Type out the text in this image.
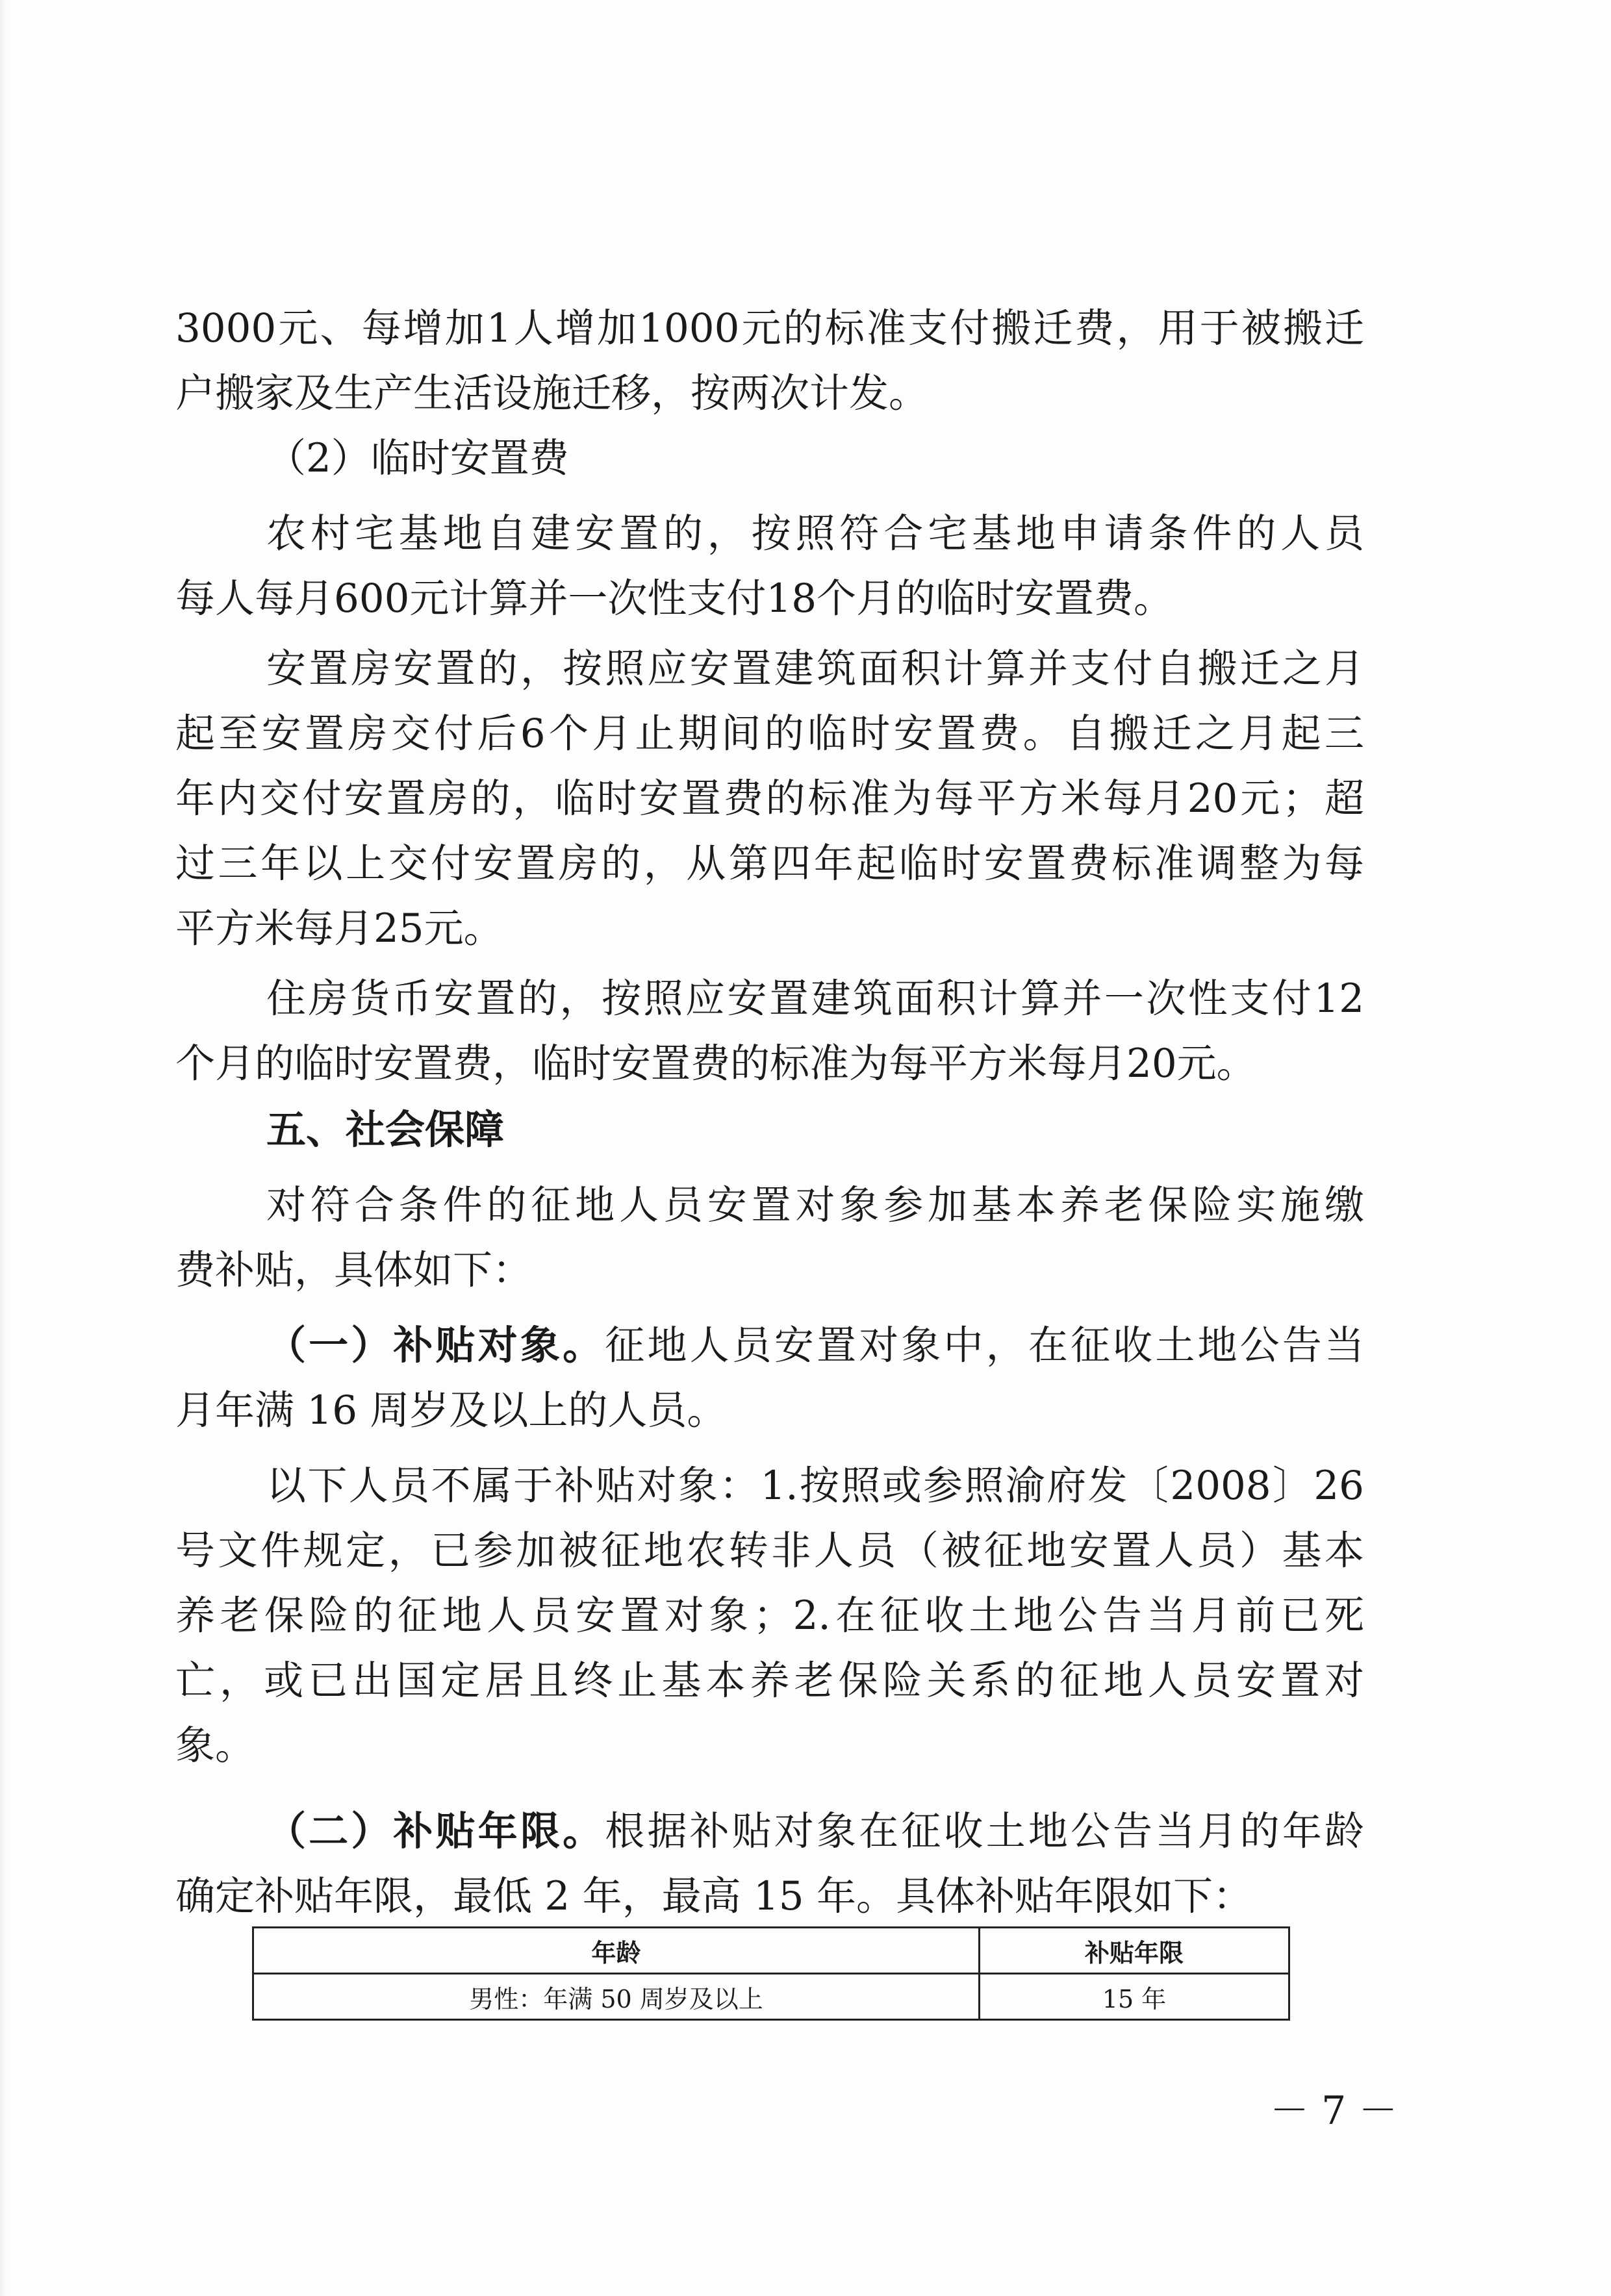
3000元、每增加1人增加1000元的标准支付搬迁费，用于被搬迁
户搬家及生产生活设施迁移，按两次计发。
（2）临时安置费
农村宅基地自建安置的，按照符合宅基地申请条件的人员
每人每月600元计算并一次性支付18个月的临时安置费。
安置房安置的，按照应安置建筑面积计算并支付自搬迁之月
起至安置房交付后6个月止期间的临时安置费。自搬迁之月起三
年内交付安置房的，临时安置费的标准为每平方米每月20元；超
过三年以上交付安置房的，从第四年起临时安置费标准调整为每
平方米每月25元。
住房货币安置的，按照应安置建筑面积计算并一次性支付12
个月的临时安置费，临时安置费的标准为每平方米每月20元。
五、社会保障
对符合条件的征地人员安置对象参加基本养老保险实施缴
费补贴，具体如下：
（一）补贴对象。征地人员安置对象中，在征收土地公告当
月年满 16 周岁及以上的人员。
以下人员不属于补贴对象：1.按照或参照渝府发〔2008〕26
号文件规定，已参加被征地农转非人员（被征地安置人员）基本
养老保险的征地人员安置对象；2.在征收土地公告当月前已死
亡，或已出国定居且终止基本养老保险关系的征地人员安置对
象。
（二）补贴年限。根据补贴对象在征收土地公告当月的年龄
确定补贴年限，最低 2 年，最高 15 年。具体补贴年限如下：
年龄	补贴年限
男性：年满 50 周岁及以上	15 年
－ 7 －
